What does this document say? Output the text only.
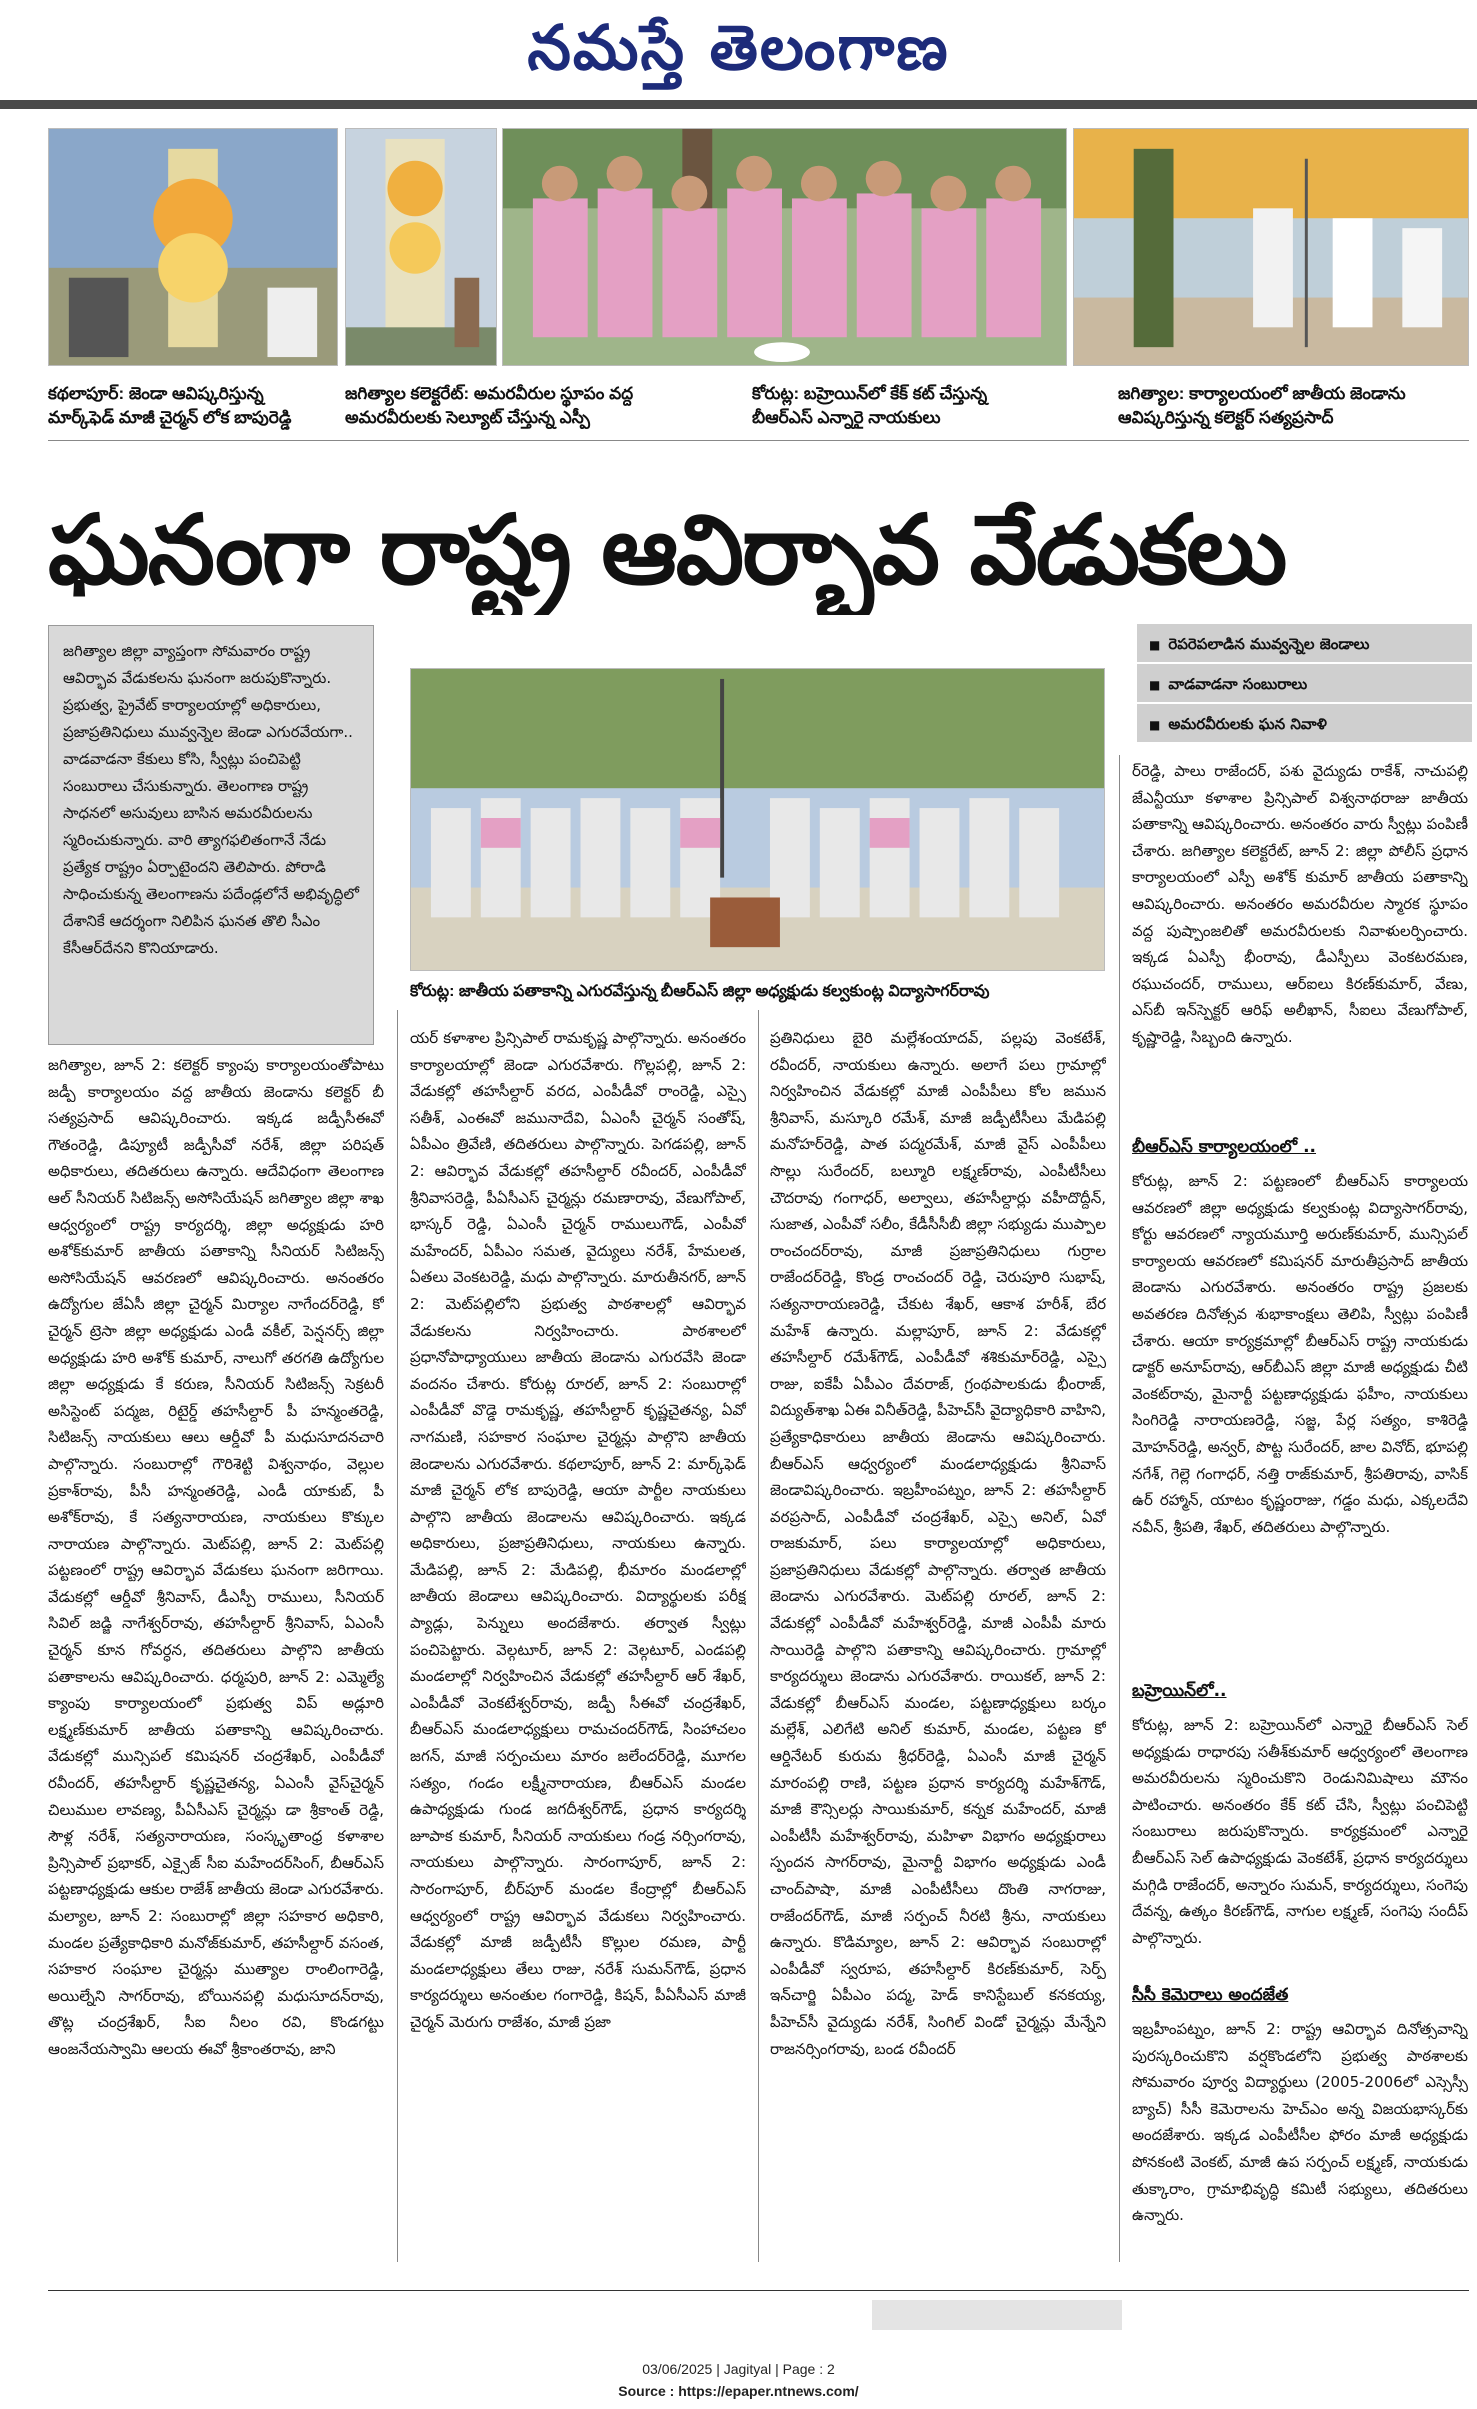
నమస్తే తెలంగాణ
కథలాపూర్: జెండా ఆవిష్కరిస్తున్న
మార్క్‌ఫెడ్ మాజీ చైర్మన్ లోక బాపురెడ్డి
జగిత్యాల కలెక్టరేట్: అమరవీరుల స్థూపం వద్ద
అమరవీరులకు సెల్యూట్ చేస్తున్న ఎస్పీ
కోరుట్ల: బహ్రెయిన్‌లో కేక్ కట్ చేస్తున్న
బీఆర్‌ఎస్ ఎన్నారై నాయకులు
జగిత్యాల: కార్యాలయంలో జాతీయ జెండాను
ఆవిష్కరిస్తున్న కలెక్టర్ సత్యప్రసాద్
ఘనంగా రాష్ట్ర ఆవిర్భావ వేడుకలు
జగిత్యాల జిల్లా వ్యాప్తంగా సోమవారం రాష్ట్ర ఆవిర్భావ వేడుకలను ఘనంగా జరుపుకొన్నారు. ప్రభుత్వ, ప్రైవేట్ కార్యాలయాల్లో అధికారులు, ప్రజాప్రతినిధులు మువ్వన్నెల జెండా ఎగురవేయగా.. వాడవాడనా కేకులు కోసి, స్వీట్లు పంచిపెట్టి సంబురాలు చేసుకున్నారు. తెలంగాణ రాష్ట్ర సాధనలో అసువులు బాసిన అమరవీరులను స్మరించుకున్నారు. వారి త్యాగఫలితంగానే నేడు ప్రత్యేక రాష్ట్రం ఏర్పాటైందని తెలిపారు. పోరాడి సాధించుకున్న తెలంగాణను పదేండ్లలోనే అభివృద్ధిలో దేశానికే ఆదర్శంగా నిలిపిన ఘనత తొలి సీఎం కేసీఆర్‌దేనని కొనియాడారు.
■ రెపరెపలాడిన మువ్వన్నెల జెండాలు
■ వాడవాడనా సంబురాలు
■ అమరవీరులకు ఘన నివాళి
కోరుట్ల: జాతీయ పతాకాన్ని ఎగురవేస్తున్న బీఆర్‌ఎస్ జిల్లా అధ్యక్షుడు కల్వకుంట్ల విద్యాసాగర్‌రావు
జగిత్యాల, జూన్ 2: కలెక్టర్ క్యాంపు కార్యాలయంతోపాటు జడ్పీ కార్యాలయం వద్ద జాతీయ జెండాను కలెక్టర్ బీ సత్యప్రసాద్ ఆవిష్కరించారు. ఇక్కడ జడ్పీసీఈవో గౌతంరెడ్డి, డిప్యూటీ జడ్పీసీవో నరేశ్, జిల్లా పరిషత్ అధికారులు, తదితరులు ఉన్నారు. ఆదేవిధంగా తెలంగాణ ఆల్ సీనియర్ సిటిజన్స్ అసోసియేషన్ జగిత్యాల జిల్లా శాఖ ఆధ్వర్యంలో రాష్ట్ర కార్యదర్శి, జిల్లా అధ్యక్షుడు హరి అశోక్‌కుమార్ జాతీయ పతాకాన్ని సీనియర్ సిటిజన్స్ అసోసియేషన్ ఆవరణలో ఆవిష్కరించారు. అనంతరం ఉద్యోగుల జేఏసీ జిల్లా చైర్మన్ మిర్యాల నాగేందర్‌రెడ్డి, కో చైర్మన్ ట్రెసా జిల్లా అధ్యక్షుడు ఎండీ వకీల్, పెన్షనర్స్ జిల్లా అధ్యక్షుడు హరి అశోక్ కుమార్, నాలుగో తరగతి ఉద్యోగుల జిల్లా అధ్యక్షుడు కే కరుణ, సీనియర్ సిటిజన్స్ సెక్రటరీ అసిస్టెంట్ పద్మజ, రిటైర్డ్ తహసీల్దార్ పీ హన్మంతరెడ్డి, సిటిజన్స్ నాయకులు ఆలు ఆర్డీవో పీ మధుసూదనచారి పాల్గొన్నారు. సంబురాల్లో గౌరిశెట్టి విశ్వనాథం, వెల్లుల ప్రకాశ్‌రావు, పీసీ హన్మంతరెడ్డి, ఎండీ యాకుబ్, పీ అశోక్‌రావు, కే సత్యనారాయణ, నాయకులు కొక్కుల నారాయణ పాల్గొన్నారు. మెట్‌పల్లి, జూన్ 2: మెట్‌పల్లి పట్టణంలో రాష్ట్ర ఆవిర్భావ వేడుకలు ఘనంగా జరిగాయి. వేడుకల్లో ఆర్డీవో శ్రీనివాస్, డీఎస్పీ రాములు, సీనియర్ సివిల్ జడ్జి నాగేశ్వర్‌రావు, తహసీల్దార్ శ్రీనివాస్, ఏఎంసీ చైర్మన్ కూన గోవర్ధన, తదితరులు పాల్గొని జాతీయ పతాకాలను ఆవిష్కరించారు. ధర్మపురి, జూన్ 2: ఎమ్మెల్యే క్యాంపు కార్యాలయంలో ప్రభుత్వ విప్ అడ్లూరి లక్ష్మణ్‌కుమార్ జాతీయ పతాకాన్ని ఆవిష్కరించారు. వేడుకల్లో మున్సిపల్ కమిషనర్ చంద్రశేఖర్, ఎంపీడీవో రవీందర్, తహసీల్దార్ కృష్ణచైతన్య, ఏఎంసీ వైస్‌చైర్మన్ చిలుముల లావణ్య, పీఏసీఎస్ చైర్మన్లు డా శ్రీకాంత్ రెడ్డి, సౌళ్ల నరేశ్, సత్యనారాయణ, సంస్కృతాంధ్ర కళాశాల ప్రిన్సిపాల్ ప్రభాకర్, ఎక్సైజ్ సీఐ మహేందర్‌సింగ్, బీఆర్‌ఎస్ పట్టణాధ్యక్షుడు ఆకుల రాజేశ్ జాతీయ జెండా ఎగురవేశారు. మల్యాల, జూన్ 2: సంబురాల్లో జిల్లా సహకార అధికారి, మండల ప్రత్యేకాధికారి మనోజ్‌కుమార్, తహసీల్దార్ వసంత, సహకార సంఘాల చైర్మన్లు ముత్యాల రాంలింగారెడ్డి, అయిల్నేని సాగర్‌రావు, బోయినపల్లి మధుసూదన్‌రావు, తొట్ల చంద్రశేఖర్, సీఐ నీలం రవి, కొండగట్టు ఆంజనేయస్వామి ఆలయ ఈవో శ్రీకాంతరావు, జాని
యర్ కళాశాల ప్రిన్సిపాల్ రామకృష్ణ పాల్గొన్నారు. అనంతరం కార్యాలయాల్లో జెండా ఎగురవేశారు. గొల్లపల్లి, జూన్ 2: వేడుకల్లో తహసీల్దార్ వరద, ఎంపీడీవో రాంరెడ్డి, ఎస్సై సతీశ్, ఎంఈవో జమునాదేవి, ఏఎంసీ చైర్మన్ సంతోష్, ఏపీఎం త్రివేణి, తదితరులు పాల్గొన్నారు. పెగడపల్లి, జూన్ 2: ఆవిర్భావ వేడుకల్లో తహసీల్దార్ రవీందర్, ఎంపీడీవో శ్రీనివాసరెడ్డి, పీఏసీఎస్ చైర్మన్లు రమణారావు, వేణుగోపాల్, భాస్కర్ రెడ్డి, ఏఎంసీ చైర్మన్ రాములుగౌడ్, ఎంపీవో మహేందర్, ఏపీఎం సమత, వైద్యులు నరేశ్, హేమలత, ఏతలు వెంకటరెడ్డి, మధు పాల్గొన్నారు. మారుతీనగర్, జూన్ 2: మెట్‌పల్లిలోని ప్రభుత్వ పాఠశాలల్లో ఆవిర్భావ వేడుకలను నిర్వహించారు. పాఠశాలలో ప్రధానోపాధ్యాయులు జాతీయ జెండాను ఎగురవేసి జెండా వందనం చేశారు. కోరుట్ల రూరల్, జూన్ 2: సంబురాల్లో ఎంపీడీవో వొడ్డె రామకృష్ణ, తహసీల్దార్ కృష్ణచైతన్య, ఏవో నాగమణి, సహకార సంఘాల చైర్మన్లు పాల్గొని జాతీయ జెండాలను ఎగురవేశారు. కథలాపూర్, జూన్ 2: మార్క్‌ఫెడ్ మాజీ చైర్మన్ లోక బాపురెడ్డి, ఆయా పార్టీల నాయకులు పాల్గొని జాతీయ జెండాలను ఆవిష్కరించారు. ఇక్కడ అధికారులు, ప్రజాప్రతినిధులు, నాయకులు ఉన్నారు. మేడిపల్లి, జూన్ 2: మేడిపల్లి, భీమారం మండలాల్లో జాతీయ జెండాలు ఆవిష్కరించారు. విద్యార్థులకు పరీక్ష ప్యాడ్లు, పెన్నులు అందజేశారు. తర్వాత స్వీట్లు పంచిపెట్టారు. వెల్గటూర్, జూన్ 2: వెల్గటూర్, ఎండపల్లి మండలాల్లో నిర్వహించిన వేడుకల్లో తహసీల్దార్ ఆర్ శేఖర్, ఎంపీడీవో వెంకటేశ్వర్‌రావు, జడ్పీ సీఈవో చంద్రశేఖర్, బీఆర్‌ఎస్ మండలాధ్యక్షులు రామచందర్‌గౌడ్, సింహాచలం జగన్, మాజీ సర్పంచులు మారం జలేందర్‌రెడ్డి, మూగల సత్యం, గండం లక్ష్మీనారాయణ, బీఆర్‌ఎస్ మండల ఉపాధ్యక్షుడు గుండ జగదీశ్వర్‌గౌడ్, ప్రధాన కార్యదర్శి జూపాక కుమార్, సీనియర్ నాయకులు గండ్ర నర్సింగరావు, నాయకులు పాల్గొన్నారు. సారంగాపూర్, జూన్ 2: సారంగాపూర్, బీర్‌పూర్ మండల కేంద్రాల్లో బీఆర్‌ఎస్ ఆధ్వర్యంలో రాష్ట్ర ఆవిర్భావ వేడుకలు నిర్వహించారు. వేడుకల్లో మాజీ జడ్పీటీసీ కొల్లుల రమణ, పార్టీ మండలాధ్యక్షులు తేలు రాజు, నరేశ్ సుమన్‌గౌడ్, ప్రధాన కార్యదర్శులు అనంతుల గంగారెడ్డి, కిషన్, పీఏసీఎస్ మాజీ చైర్మన్ మెరుగు రాజేశం, మాజీ ప్రజా
ప్రతినిధులు బైరి మల్లేశంయాదవ్, పల్లపు వెంకటేశ్, రవీందర్, నాయకులు ఉన్నారు. అలాగే పలు గ్రామాల్లో నిర్వహించిన వేడుకల్లో మాజీ ఎంపీపీలు కోల జమున శ్రీనివాస్, మస్కూరి రమేశ్, మాజీ జడ్పీటీసీలు మేడిపల్లి మనోహర్‌రెడ్డి, పాత పద్మరమేశ్, మాజీ వైస్ ఎంపీపీలు సొల్లు సురేందర్, బల్మూరి లక్ష్మణ్‌రావు, ఎంపీటీసీలు చౌదరావు గంగాధర్, అల్వాలు, తహసీల్దార్లు వహీదొద్దీన్, సుజాత, ఎంపీవో సలీం, కేడీసీసీబీ జిల్లా సభ్యుడు ముప్పాల రాంచందర్‌రావు, మాజీ ప్రజాప్రతినిధులు గుర్రాల రాజేందర్‌రెడ్డి, కొండ్ర రాంచందర్ రెడ్డి, చెరుపూరి సుభాష్, సత్యనారాయణరెడ్డి, చేకుట శేఖర్, ఆకాశ హరీశ్, బేర మహేశ్ ఉన్నారు. మల్లాపూర్, జూన్ 2: వేడుకల్లో తహసీల్దార్ రమేశ్‌గౌడ్, ఎంపీడీవో శశికుమార్‌రెడ్డి, ఎస్సై రాజు, ఐకేపీ ఏపీఎం దేవరాజ్, గ్రంథపాలకుడు భీంరాజ్, విద్యుత్‌శాఖ ఏఈ వినీత్‌రెడ్డి, పీహెచ్‌సీ వైద్యాధికారి వాహిని, ప్రత్యేకాధికారులు జాతీయ జెండాను ఆవిష్కరించారు. బీఆర్‌ఎస్ ఆధ్వర్యంలో మండలాధ్యక్షుడు శ్రీనివాస్ జెండావిష్కరించారు. ఇబ్రహీంపట్నం, జూన్ 2: తహసీల్దార్ వరప్రసాద్, ఎంపీడీవో చంద్రశేఖర్, ఎస్సై అనిల్, ఏవో రాజకుమార్, పలు కార్యాలయాల్లో అధికారులు, ప్రజాప్రతినిధులు వేడుకల్లో పాల్గొన్నారు. తర్వాత జాతీయ జెండాను ఎగురవేశారు. మెట్‌పల్లి రూరల్, జూన్ 2: వేడుకల్లో ఎంపీడీవో మహేశ్వర్‌రెడ్డి, మాజీ ఎంపీపీ మారు సాయిరెడ్డి పాల్గొని పతాకాన్ని ఆవిష్కరించారు. గ్రామాల్లో కార్యదర్శులు జెండాను ఎగురవేశారు. రాయికల్, జూన్ 2: వేడుకల్లో బీఆర్‌ఎస్ మండల, పట్టణాధ్యక్షులు బర్కం మల్లేశ్, ఎలిగేటి అనిల్ కుమార్, మండల, పట్టణ కో ఆర్డినేటర్ కురుమ శ్రీధర్‌రెడ్డి, ఏఎంసీ మాజీ చైర్మన్ మారంపల్లి రాణి, పట్టణ ప్రధాన కార్యదర్శి మహేశ్‌గౌడ్, మాజీ కౌన్సిలర్లు సాయికుమార్, కన్నక మహేందర్, మాజీ ఎంపీటీసీ మహేశ్వర్‌రావు, మహిళా విభాగం అధ్యక్షురాలు స్పందన సాగర్‌రావు, మైనార్టీ విభాగం అధ్యక్షుడు ఎండీ చాంద్‌పాషా, మాజీ ఎంపీటీసీలు దొంతి నాగరాజు, రాజేందర్‌గౌడ్, మాజీ సర్పంచ్ నీరటి శ్రీను, నాయకులు ఉన్నారు. కొడిమ్యాల, జూన్ 2: ఆవిర్భావ సంబురాల్లో ఎంపీడీవో స్వరూప, తహసీల్దార్ కిరణ్‌కుమార్, సెర్ప్ ఇన్‌చార్జి ఏపీఎం పద్మ, హెడ్ కానిస్టేబుల్ కనకయ్య, పీహెచ్‌సీ వైద్యుడు నరేశ్, సింగిల్ విండో చైర్మన్లు మేన్నేని రాజనర్సింగరావు, బండ రవీందర్
ర్‌రెడ్డి, పాలు రాజేందర్, పశు వైద్యుడు రాకేశ్, నాచుపల్లి జేఎన్టీయూ కళాశాల ప్రిన్సిపాల్ విశ్వనాథరాజు జాతీయ పతాకాన్ని ఆవిష్కరించారు. అనంతరం వారు స్వీట్లు పంపిణీ చేశారు. జగిత్యాల కలెక్టరేట్, జూన్ 2: జిల్లా పోలీస్ ప్రధాన కార్యాలయంలో ఎస్పీ అశోక్ కుమార్ జాతీయ పతాకాన్ని ఆవిష్కరించారు. అనంతరం అమరవీరుల స్మారక స్థూపం వద్ద పుష్పాంజలితో అమరవీరులకు నివాళులర్పించారు. ఇక్కడ ఏఎస్పీ భీంరావు, డీఎస్పీలు వెంకటరమణ, రఘుచందర్, రాములు, ఆర్ఐలు కిరణ్‌కుమార్, వేణు, ఎస్‌బీ ఇన్‌స్పెక్టర్ ఆరిఫ్ అలీఖాన్, సీఐలు వేణుగోపాల్, కృష్ణారెడ్డి, సిబ్బంది ఉన్నారు.
బీఆర్‌ఎస్ కార్యాలయంలో ..
కోరుట్ల, జూన్ 2: పట్టణంలో బీఆర్‌ఎస్ కార్యాలయ ఆవరణలో జిల్లా అధ్యక్షుడు కల్వకుంట్ల విద్యాసాగర్‌రావు, కోర్టు ఆవరణలో న్యాయమూర్తి అరుణ్‌కుమార్, మున్సిపల్ కార్యాలయ ఆవరణలో కమిషనర్ మారుతీప్రసాద్ జాతీయ జెండాను ఎగురవేశారు. అనంతరం రాష్ట్ర ప్రజలకు అవతరణ దినోత్సవ శుభాకాంక్షలు తెలిపి, స్వీట్లు పంపిణీ చేశారు. ఆయా కార్యక్రమాల్లో బీఆర్‌ఎస్ రాష్ట్ర నాయకుడు డాక్టర్ అనూప్‌రావు, ఆర్‌బీఎస్ జిల్లా మాజీ అధ్యక్షుడు చీటి వెంకట్‌రావు, మైనార్టీ పట్టణాధ్యక్షుడు ఫహీం, నాయకులు సింగిరెడ్డి నారాయణరెడ్డి, సజ్జ, పేర్ల సత్యం, కాశిరెడ్డి మోహన్‌రెడ్డి, అన్వర్, పొట్ట సురేందర్, జాల వినోద్, భూపల్లి నగేశ్, గెల్లె గంగాధర్, నత్తి రాజ్‌కుమార్, శ్రీపతిరావు, వాసిక్ ఉర్ రహ్మాన్, యాటం కృష్ణంరాజు, గడ్డం మధు, ఎక్కలదేవి నవీన్, శ్రీపతి, శేఖర్, తదితరులు పాల్గొన్నారు.
బహ్రెయిన్‌లో..
కోరుట్ల, జూన్ 2: బహ్రెయిన్‌లో ఎన్నారై బీఆర్‌ఎస్ సెల్ అధ్యక్షుడు రాధారపు సతీశ్‌కుమార్ ఆధ్వర్యంలో తెలంగాణ అమరవీరులను స్మరించుకొని రెండునిమిషాలు మౌనం పాటించారు. అనంతరం కేక్ కట్ చేసి, స్వీట్లు పంచిపెట్టి సంబురాలు జరుపుకొన్నారు. కార్యక్రమంలో ఎన్నారై బీఆర్‌ఎస్ సెల్ ఉపాధ్యక్షుడు వెంకటేశ్, ప్రధాన కార్యదర్శులు మగ్గిడి రాజేందర్, అన్నారం సుమన్, కార్యదర్శులు, సంగెపు దేవన్న, ఉత్కం కిరణ్‌గౌడ్, నాగుల లక్ష్మణ్, సంగెపు సందీప్ పాల్గొన్నారు.
సీసీ కెమెరాలు అందజేత
ఇబ్రహీంపట్నం, జూన్ 2: రాష్ట్ర ఆవిర్భావ దినోత్సవాన్ని పురస్కరించుకొని వర్షకొండలోని ప్రభుత్వ పాఠశాలకు సోమవారం పూర్వ విద్యార్థులు (2005-2006లో ఎస్సెస్సీ బ్యాచ్) సీసీ కెమెరాలను హెచ్ఎం అన్న విజయభాస్కర్‌కు అందజేశారు. ఇక్కడ ఎంపీటీసీల ఫోరం మాజీ అధ్యక్షుడు పోనకంటి వెంకట్, మాజీ ఉప సర్పంచ్ లక్ష్మణ్, నాయకుడు తుక్కారాం, గ్రామాభివృద్ధి కమిటీ సభ్యులు, తదితరులు ఉన్నారు.
03/06/2025 | Jagityal | Page : 2
Source : https://epaper.ntnews.com/
